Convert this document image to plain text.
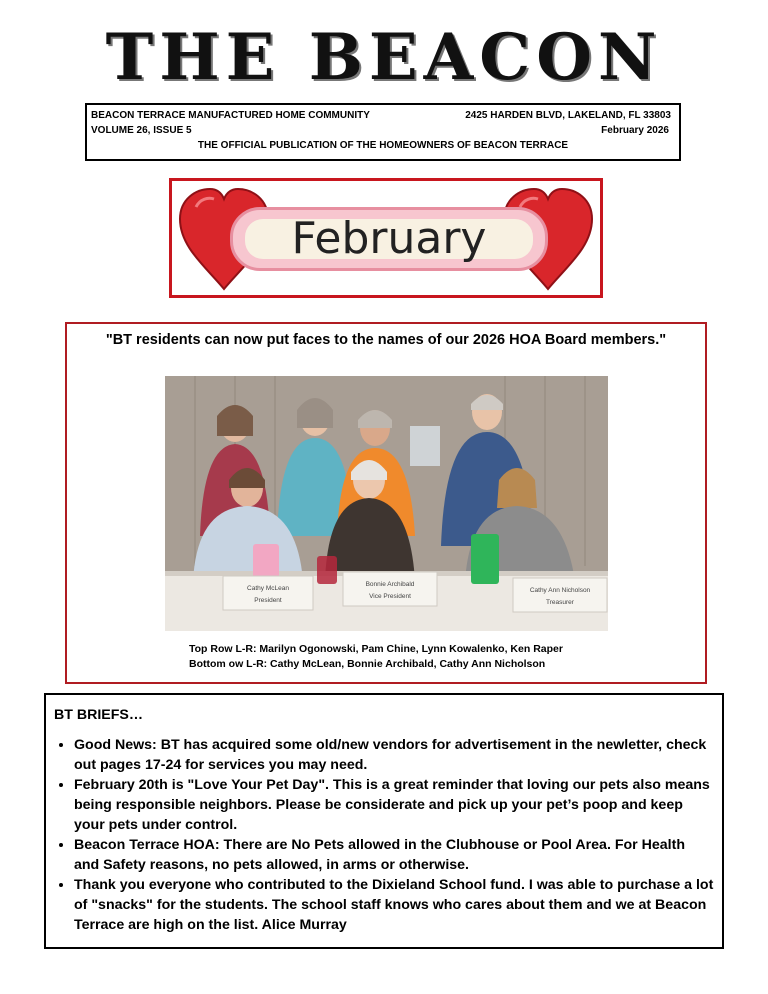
THE BEACON
BEACON TERRACE MANUFACTURED HOME COMMUNITY	2425 HARDEN BLVD, LAKELAND, FL 33803
VOLUME 26, ISSUE 5	February 2026
THE OFFICIAL PUBLICATION OF THE HOMEOWNERS OF BEACON TERRACE
February
"BT residents can now put faces to the names of our 2026 HOA Board members."
Cathy McLean
President
Bonnie Archibald
Vice President
Cathy Ann Nicholson
Treasurer
Top Row L-R: Marilyn Ogonowski, Pam Chine, Lynn Kowalenko, Ken Raper
Bottom ow L-R: Cathy McLean, Bonnie Archibald, Cathy Ann Nicholson
BT BRIEFS…
• Good News: BT has acquired some old/new vendors for advertisement in the newletter, check out pages 17-24 for services you may need.
• February 20th is "Love Your Pet Day". This is a great reminder that loving our pets also means being responsible neighbors. Please be considerate and pick up your pet’s poop and keep your pets under control.
• Beacon Terrace HOA: There are No Pets allowed in the Clubhouse or Pool Area. For Health and Safety reasons, no pets allowed, in arms or otherwise.
• Thank you everyone who contributed to the Dixieland School fund. I was able to purchase a lot of "snacks" for the students. The school staff knows who cares about them and we at Beacon Terrace are high on the list. Alice Murray
